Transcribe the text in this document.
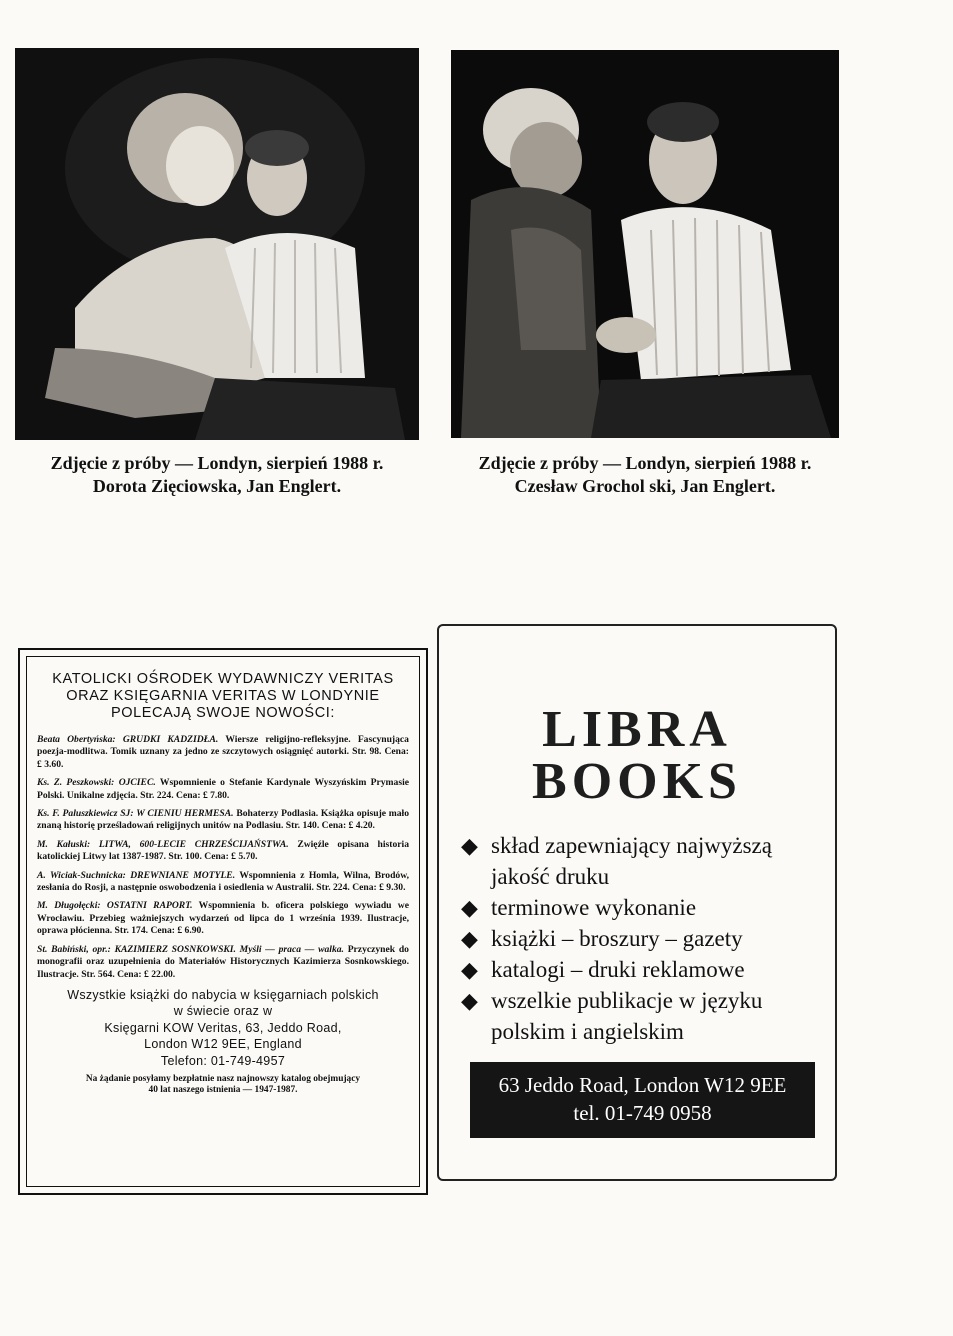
Zdjęcie z próby — Londyn, sierpień 1988 r.
Dorota Zięciowska, Jan Englert.
Zdjęcie z próby — Londyn, sierpień 1988 r.
Czesław Grochol ski, Jan Englert.

KATOLICKI OŚRODEK WYDAWNICZY VERITAS

ORAZ KSIĘGARNIA VERITAS W LONDYNIE

POLECAJĄ SWOJE NOWOŚCI:

Beata Obertyńska: GRUDKI KADZIDŁA. Wiersze religijno-refleksyjne. Fascynująca poezja-modlitwa. Tomik uznany za jedno ze szczytowych osiągnięć autorki. Str. 98. Cena: £ 3.60.

Ks. Z. Peszkowski: OJCIEC. Wspomnienie o Stefanie Kardynale Wyszyńskim Prymasie Polski. Unikalne zdjęcia. Str. 224. Cena: £ 7.80.

Ks. F. Paluszkiewicz SJ: W CIENIU HERMESA. Bohaterzy Podlasia. Książka opisuje mało znaną historię prześladowań religijnych unitów na Podlasiu. Str. 140. Cena: £ 4.20.

M. Kałuski: LITWA, 600-LECIE CHRZEŚCIJAŃSTWA. Zwięźle opisana historia katolickiej Litwy lat 1387-1987. Str. 100. Cena: £ 5.70.

A. Wiciak-Suchnicka: DREWNIANE MOTYLE. Wspomnienia z Homla, Wilna, Brodów, zesłania do Rosji, a następnie oswobodzenia i osiedlenia w Australii. Str. 224. Cena: £ 9.30.

M. Długołęcki: OSTATNI RAPORT. Wspomnienia b. oficera polskiego wywiadu we Wrocławiu. Przebieg ważniejszych wydarzeń od lipca do 1 września 1939. Ilustracje, oprawa płócienna. Str. 174. Cena: £ 6.90.

St. Babiński, opr.: KAZIMIERZ SOSNKOWSKI. Myśli — praca — walka. Przyczynek do monografii oraz uzupełnienia do Materiałów Historycznych Kazimierza Sosnkowskiego. Ilustracje. Str. 564. Cena: £ 22.00.

Wszystkie książki do nabycia w księgarniach polskich

w świecie oraz w

Księgarni KOW Veritas, 63, Jeddo Road,

London W12 9EE, England

Telefon: 01-749-4957

Na żądanie posyłamy bezpłatnie nasz najnowszy katalog obejmujący
40 lat naszego istnienia — 1947-1987.
LIBRA
BOOKS
◆ skład zapewniający najwyższą jakość druku
◆ terminowe wykonanie
◆ książki – broszury – gazety
◆ katalogi – druki reklamowe
◆ wszelkie publikacje w języku polskim i angielskim
63 Jeddo Road, London W12 9EE
tel. 01-749 0958
